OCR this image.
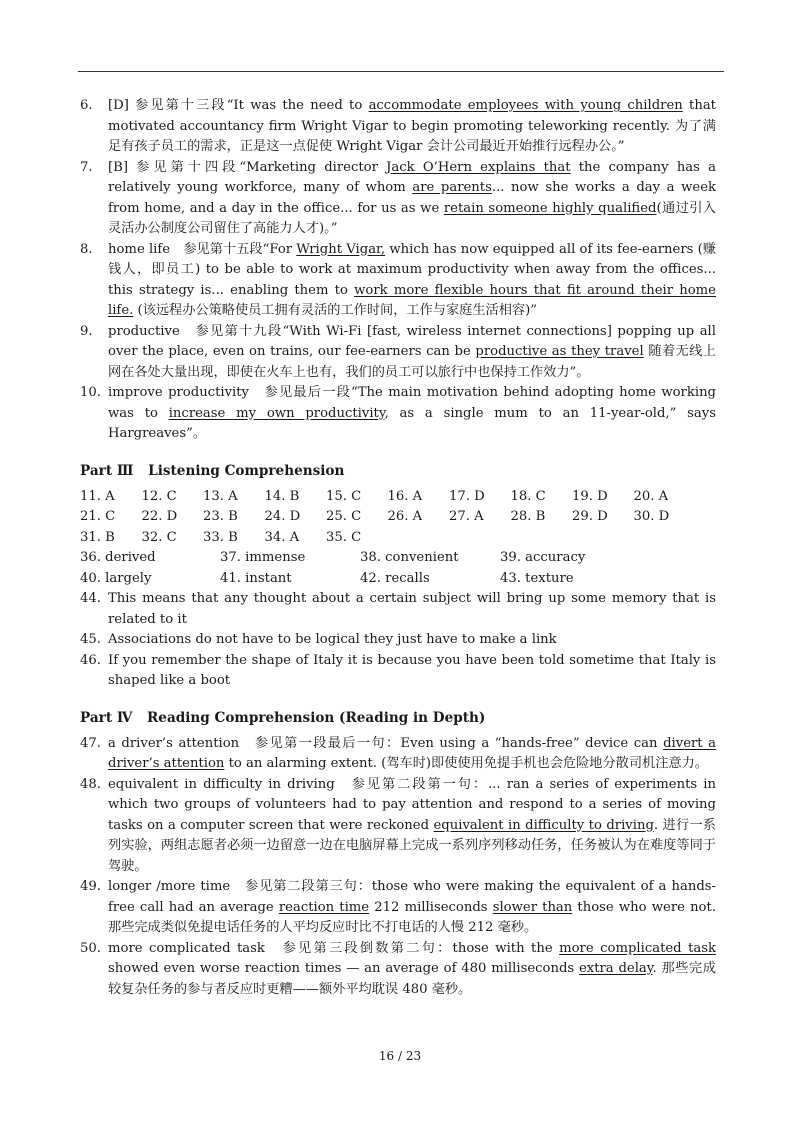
6. [D] 参见第十三段“It was the need to accommodate employees with young children that motivated accountancy firm Wright Vigar to begin promoting teleworking recently. 为了满足有孩子员工的需求，正是这一点促使 Wright Vigar 会计公司最近开始推行远程办公。”

7. [B] 参见第十四段“Marketing director Jack O’Hern explains that the company has a relatively young workforce, many of whom are parents... now she works a day a week from home, and a day in the office... for us as we retain someone highly qualified(通过引入灵活办公制度公司留住了高能力人才)。”

8. home life　参见第十五段“For Wright Vigar, which has now equipped all of its fee-earners (赚钱人，即员工) to be able to work at maximum productivity when away from the offices... this strategy is... enabling them to work more flexible hours that fit around their home life. (该远程办公策略使员工拥有灵活的工作时间，工作与家庭生活相容)”

9. productive　参见第十九段“With Wi-Fi [fast, wireless internet connections] popping up all over the place, even on trains, our fee-earners can be productive as they travel 随着无线上网在各处大量出现，即使在火车上也有，我们的员工可以旅行中也保持工作效力”。

10. improve productivity　参见最后一段“The main motivation behind adopting home working was to increase my own productivity, as a single mum to an 11-year-old,” says Hargreaves”。

Part Ⅲ Listening Comprehension
11. A	12. C	13. A	14. B	15. C	16. A	17. D	18. C	19. D	20. A
21. C	22. D	23. B	24. D	25. C	26. A	27. A	28. B	29. D	30. D
31. B	32. C	33. B	34. A	35. C
36. derived	37. immense	38. convenient	39. accuracy
40. largely	41. instant	42. recalls	43. texture

44. This means that any thought about a certain subject will bring up some memory that is related to it

45. Associations do not have to be logical they just have to make a link

46. If you remember the shape of Italy it is because you have been told sometime that Italy is shaped like a boot

Part Ⅳ Reading Comprehension (Reading in Depth)

47. a driver’s attention　参见第一段最后一句：Even using a “hands-free” device can divert a driver’s attention to an alarming extent. (驾车时)即使使用免提手机也会危险地分散司机注意力。

48. equivalent in difficulty in driving　参见第二段第一句：... ran a series of experiments in which two groups of volunteers had to pay attention and respond to a series of moving tasks on a computer screen that were reckoned equivalent in difficulty to driving. 进行一系列实验，两组志愿者必须一边留意一边在电脑屏幕上完成一系列序列移动任务，任务被认为在难度等同于驾驶。

49. longer /more time　参见第二段第三句：those who were making the equivalent of a hands-free call had an average reaction time 212 milliseconds slower than those who were not. 那些完成类似免提电话任务的人平均反应时比不打电话的人慢 212 毫秒。

50. more complicated task　参见第三段倒数第二句：those with the more complicated task showed even worse reaction times — an average of 480 milliseconds extra delay. 那些完成较复杂任务的参与者反应时更糟——额外平均耽误 480 毫秒。

16 / 23
